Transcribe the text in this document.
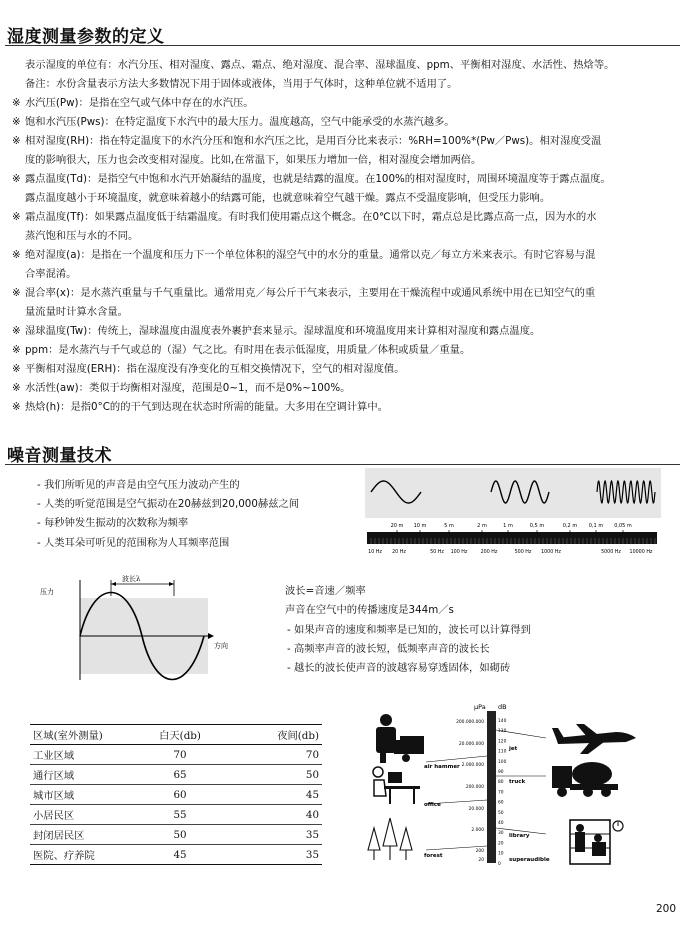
湿度测量参数的定义
表示湿度的单位有：水汽分压、相对湿度、露点、霜点、绝对湿度、混合率、湿球温度、ppm、平衡相对湿度、水活性、热焓等。
备注：水份含量表示方法大多数情况下用于固体或液体，当用于气体时，这种单位就不适用了。
※ 水汽压(Pw)：是指在空气或气体中存在的水汽压。
※ 饱和水汽压(Pws)：在特定温度下水汽中的最大压力。温度越高，空气中能承受的水蒸汽越多。
※ 相对湿度(RH)：指在特定温度下的水汽分压和饱和水汽压之比，是用百分比来表示：%RH=100%*(Pw／Pws)。相对湿度受温
度的影响很大，压力也会改变相对湿度。比如,在常温下，如果压力增加一倍，相对湿度会增加两倍。
※ 露点温度(Td)：是指空气中饱和水汽开始凝结的温度，也就是结露的温度。在100%的相对湿度时，周围环境温度等于露点温度。
露点温度越小于环境温度，就意味着越小的结露可能，也就意味着空气越干燥。露点不受温度影响，但受压力影响。
※ 霜点温度(Tf)：如果露点温度低于结霜温度。有时我们使用霜点这个概念。在0℃以下时，霜点总是比露点高一点，因为水的水
蒸汽饱和压与水的不同。
※ 绝对湿度(a)：是指在一个温度和压力下一个单位体积的湿空气中的水分的重量。通常以克／每立方米来表示。有时它容易与混
合率混淆。
※ 混合率(x)：是水蒸汽重量与千气重量比。通常用克／每公斤干气来表示，主要用在干燥流程中或通风系统中用在已知空气的重
量流量时计算水含量。
※ 湿球温度(Tw)：传统上，湿球温度由温度表外裹护套来显示。湿球温度和环境温度用来计算相对湿度和露点温度。
※ ppm：是水蒸汽与千气或总的（湿）气之比。有时用在表示低湿度，用质量／体积或质量／重量。
※ 平衡相对湿度(ERH)：指在湿度没有净变化的互相交换情况下，空气的相对湿度值。
※ 水活性(aw)：类似于均衡相对湿度，范围是0~1，而不是0%~100%。
※ 热焓(h)：是指0°C的的干气到达现在状态时所需的能量。大多用在空调计算中。
噪音测量技术
- 我们所听见的声音是由空气压力波动产生的
- 人类的听觉范围是空气振动在20赫兹到20,000赫兹之间
- 每秒钟发生振动的次数称为频率
- 人类耳朵可听见的范围称为人耳频率范围
20 m 10 m	5 m	2 m	1 m	0,5 m	0,2 m 0,1 m 0,05 m
10 Hz 20 Hz	50 Hz 100 Hz	200 Hz	500 Hz 1000 Hz	5000 Hz 10000 Hz
波长λ
压力
方向
波长=音速／频率
声音在空气中的传播速度是344m／s
- 如果声音的速度和频率是已知的，波长可以计算得到
- 高频率声音的波长短，低频率声音的波长长
- 越长的波长使声音的波越容易穿透固体，如砌砖
区域(室外测量)	白天(db)	夜间(db)
工业区域	70	70
通行区域	65	50
城市区域	60	45
小居民区	55	40
封闭居民区	50	35
医院、疗养院	45	35
μPa dB
200.000.000
20.000.000
2.000.000
200.000
20.000
2.000
200
20
140
130
120
110
100
90
80
70
60
50
40
30
20
10
0
air hammer
jet
truck
office
library
forest
superaudible
200
